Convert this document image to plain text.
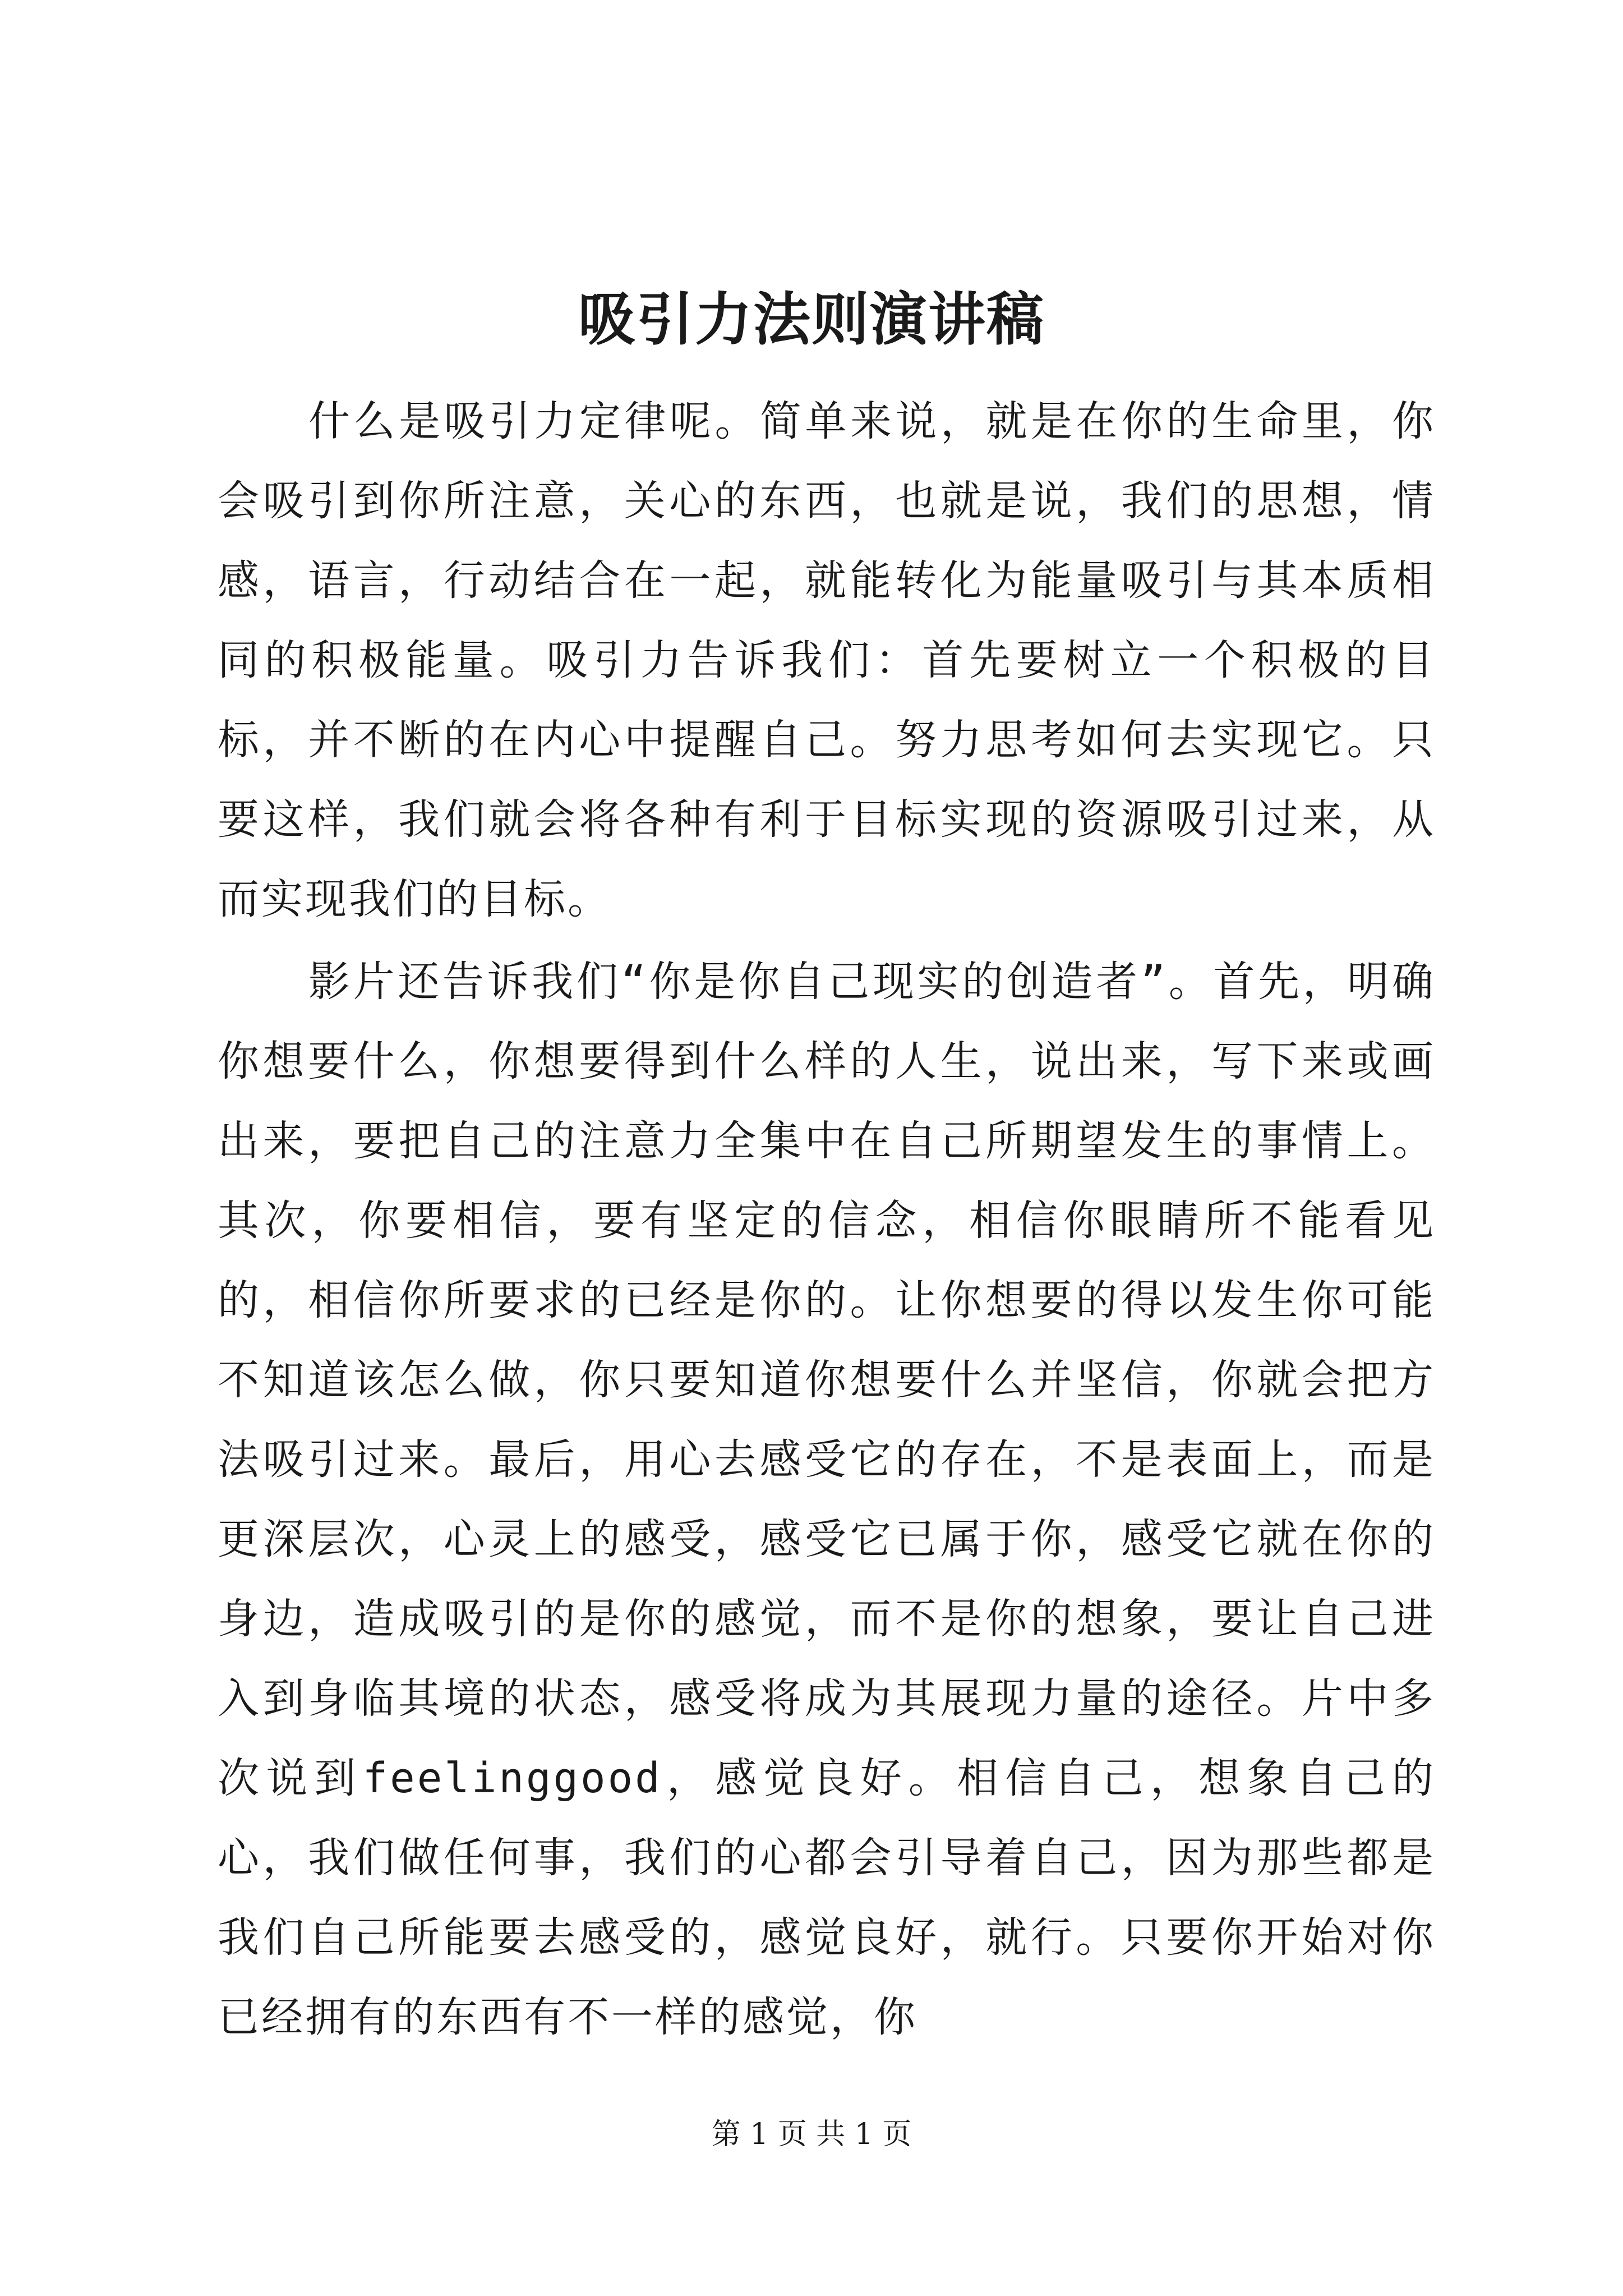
吸引力法则演讲稿

什么是吸引力定律呢。简单来说，就是在你的生命里，你会吸引到你所注意，关心的东西，也就是说，我们的思想，情感，语言，行动结合在一起，就能转化为能量吸引与其本质相同的积极能量。吸引力告诉我们：首先要树立一个积极的目标，并不断的在内心中提醒自己。努力思考如何去实现它。只要这样，我们就会将各种有利于目标实现的资源吸引过来，从而实现我们的目标。

影片还告诉我们“你是你自己现实的创造者”。首先，明确你想要什么，你想要得到什么样的人生，说出来，写下来或画出来，要把自己的注意力全集中在自己所期望发生的事情上。其次，你要相信，要有坚定的信念，相信你眼睛所不能看见的，相信你所要求的已经是你的。让你想要的得以发生你可能不知道该怎么做，你只要知道你想要什么并坚信，你就会把方法吸引过来。最后，用心去感受它的存在，不是表面上，而是更深层次，心灵上的感受，感受它已属于你，感受它就在你的身边，造成吸引的是你的感觉，而不是你的想象，要让自己进入到身临其境的状态，感受将成为其展现力量的途径。片中多次说到feelinggood，感觉良好。相信自己，想象自己的心，我们做任何事，我们的心都会引导着自己，因为那些都是我们自己所能要去感受的，感觉良好，就行。只要你开始对你已经拥有的东西有不一样的感觉，你

第 1 页 共 1 页
